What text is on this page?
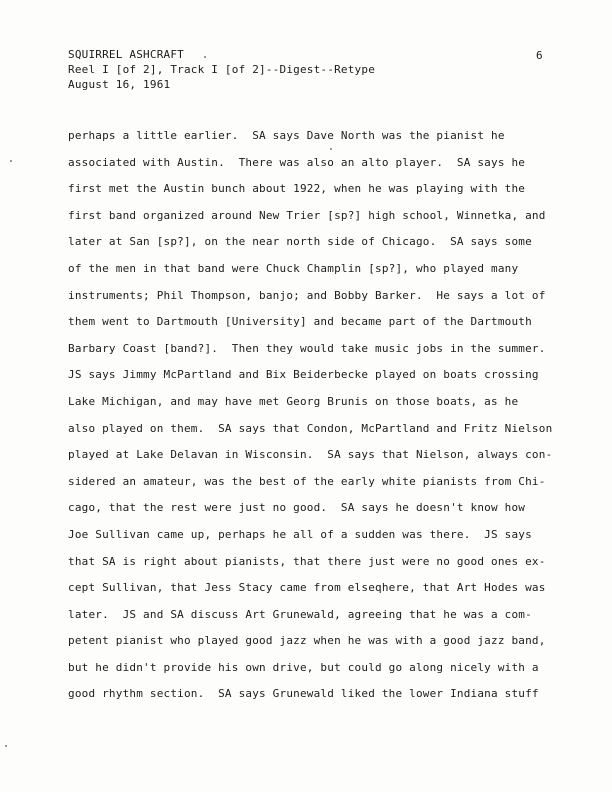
SQUIRREL ASHCRAFT
Reel I [of 2], Track I [of 2]--Digest--Retype
August 16, 1961
6
perhaps a little earlier.  SA says Dave North was the pianist he
associated with Austin.  There was also an alto player.  SA says he
first met the Austin bunch about 1922, when he was playing with the
first band organized around New Trier [sp?] high school, Winnetka, and
later at San [sp?], on the near north side of Chicago.  SA says some
of the men in that band were Chuck Champlin [sp?], who played many
instruments; Phil Thompson, banjo; and Bobby Barker.  He says a lot of
them went to Dartmouth [University] and became part of the Dartmouth
Barbary Coast [band?].  Then they would take music jobs in the summer.
JS says Jimmy McPartland and Bix Beiderbecke played on boats crossing
Lake Michigan, and may have met Georg Brunis on those boats, as he
also played on them.  SA says that Condon, McPartland and Fritz Nielson
played at Lake Delavan in Wisconsin.  SA says that Nielson, always con-
sidered an amateur, was the best of the early white pianists from Chi-
cago, that the rest were just no good.  SA says he doesn't know how
Joe Sullivan came up, perhaps he all of a sudden was there.  JS says
that SA is right about pianists, that there just were no good ones ex-
cept Sullivan, that Jess Stacy came from elseqhere, that Art Hodes was
later.  JS and SA discuss Art Grunewald, agreeing that he was a com-
petent pianist who played good jazz when he was with a good jazz band,
but he didn't provide his own drive, but could go along nicely with a
good rhythm section.  SA says Grunewald liked the lower Indiana stuff
